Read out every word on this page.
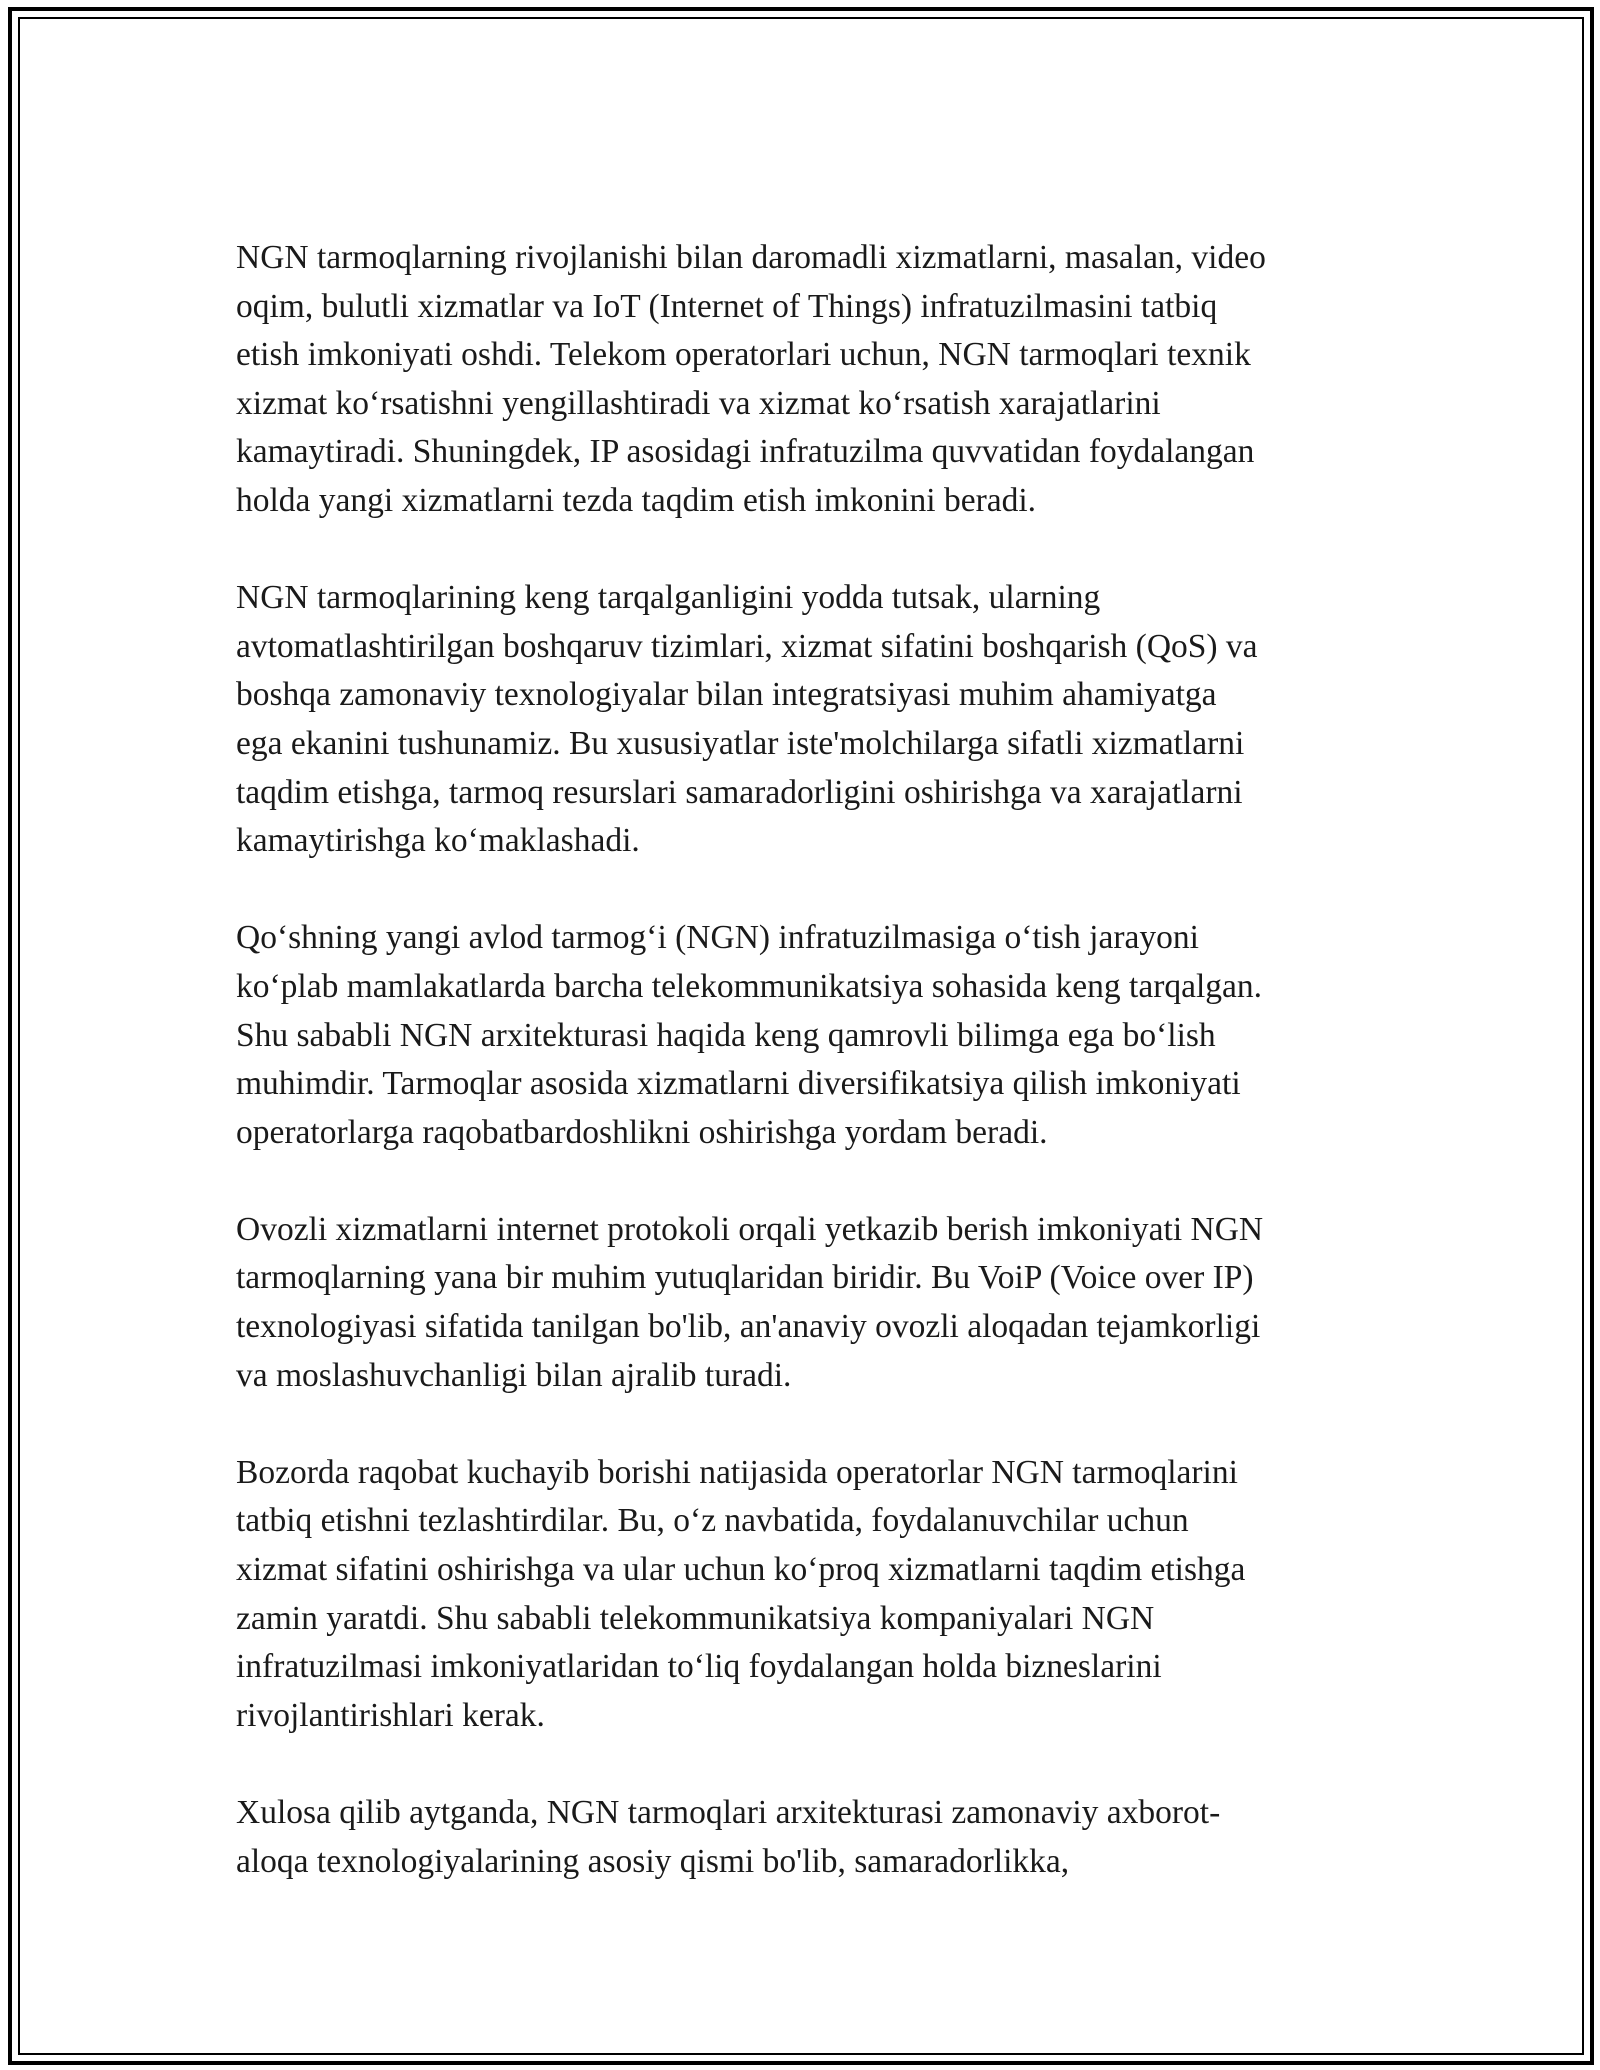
NGN tarmoqlarning rivojlanishi bilan daromadli xizmatlarni, masalan, video
oqim, bulutli xizmatlar va IoT (Internet of Things) infratuzilmasini tatbiq
etish imkoniyati oshdi. Telekom operatorlari uchun, NGN tarmoqlari texnik
xizmat ko‘rsatishni yengillashtiradi va xizmat ko‘rsatish xarajatlarini
kamaytiradi. Shuningdek, IP asosidagi infratuzilma quvvatidan foydalangan
holda yangi xizmatlarni tezda taqdim etish imkonini beradi.

NGN tarmoqlarining keng tarqalganligini yodda tutsak, ularning
avtomatlashtirilgan boshqaruv tizimlari, xizmat sifatini boshqarish (QoS) va
boshqa zamonaviy texnologiyalar bilan integratsiyasi muhim ahamiyatga
ega ekanini tushunamiz. Bu xususiyatlar iste'molchilarga sifatli xizmatlarni
taqdim etishga, tarmoq resurslari samaradorligini oshirishga va xarajatlarni
kamaytirishga ko‘maklashadi.

Qo‘shning yangi avlod tarmog‘i (NGN) infratuzilmasiga o‘tish jarayoni
ko‘plab mamlakatlarda barcha telekommunikatsiya sohasida keng tarqalgan.
Shu sababli NGN arxitekturasi haqida keng qamrovli bilimga ega bo‘lish
muhimdir. Tarmoqlar asosida xizmatlarni diversifikatsiya qilish imkoniyati
operatorlarga raqobatbardoshlikni oshirishga yordam beradi.

Ovozli xizmatlarni internet protokoli orqali yetkazib berish imkoniyati NGN
tarmoqlarning yana bir muhim yutuqlaridan biridir. Bu VoiP (Voice over IP)
texnologiyasi sifatida tanilgan bo'lib, an'anaviy ovozli aloqadan tejamkorligi
va moslashuvchanligi bilan ajralib turadi.

Bozorda raqobat kuchayib borishi natijasida operatorlar NGN tarmoqlarini
tatbiq etishni tezlashtirdilar. Bu, o‘z navbatida, foydalanuvchilar uchun
xizmat sifatini oshirishga va ular uchun ko‘proq xizmatlarni taqdim etishga
zamin yaratdi. Shu sababli telekommunikatsiya kompaniyalari NGN
infratuzilmasi imkoniyatlaridan to‘liq foydalangan holda bizneslarini
rivojlantirishlari kerak.

Xulosa qilib aytganda, NGN tarmoqlari arxitekturasi zamonaviy axborot-
aloqa texnologiyalarining asosiy qismi bo'lib, samaradorlikka,
